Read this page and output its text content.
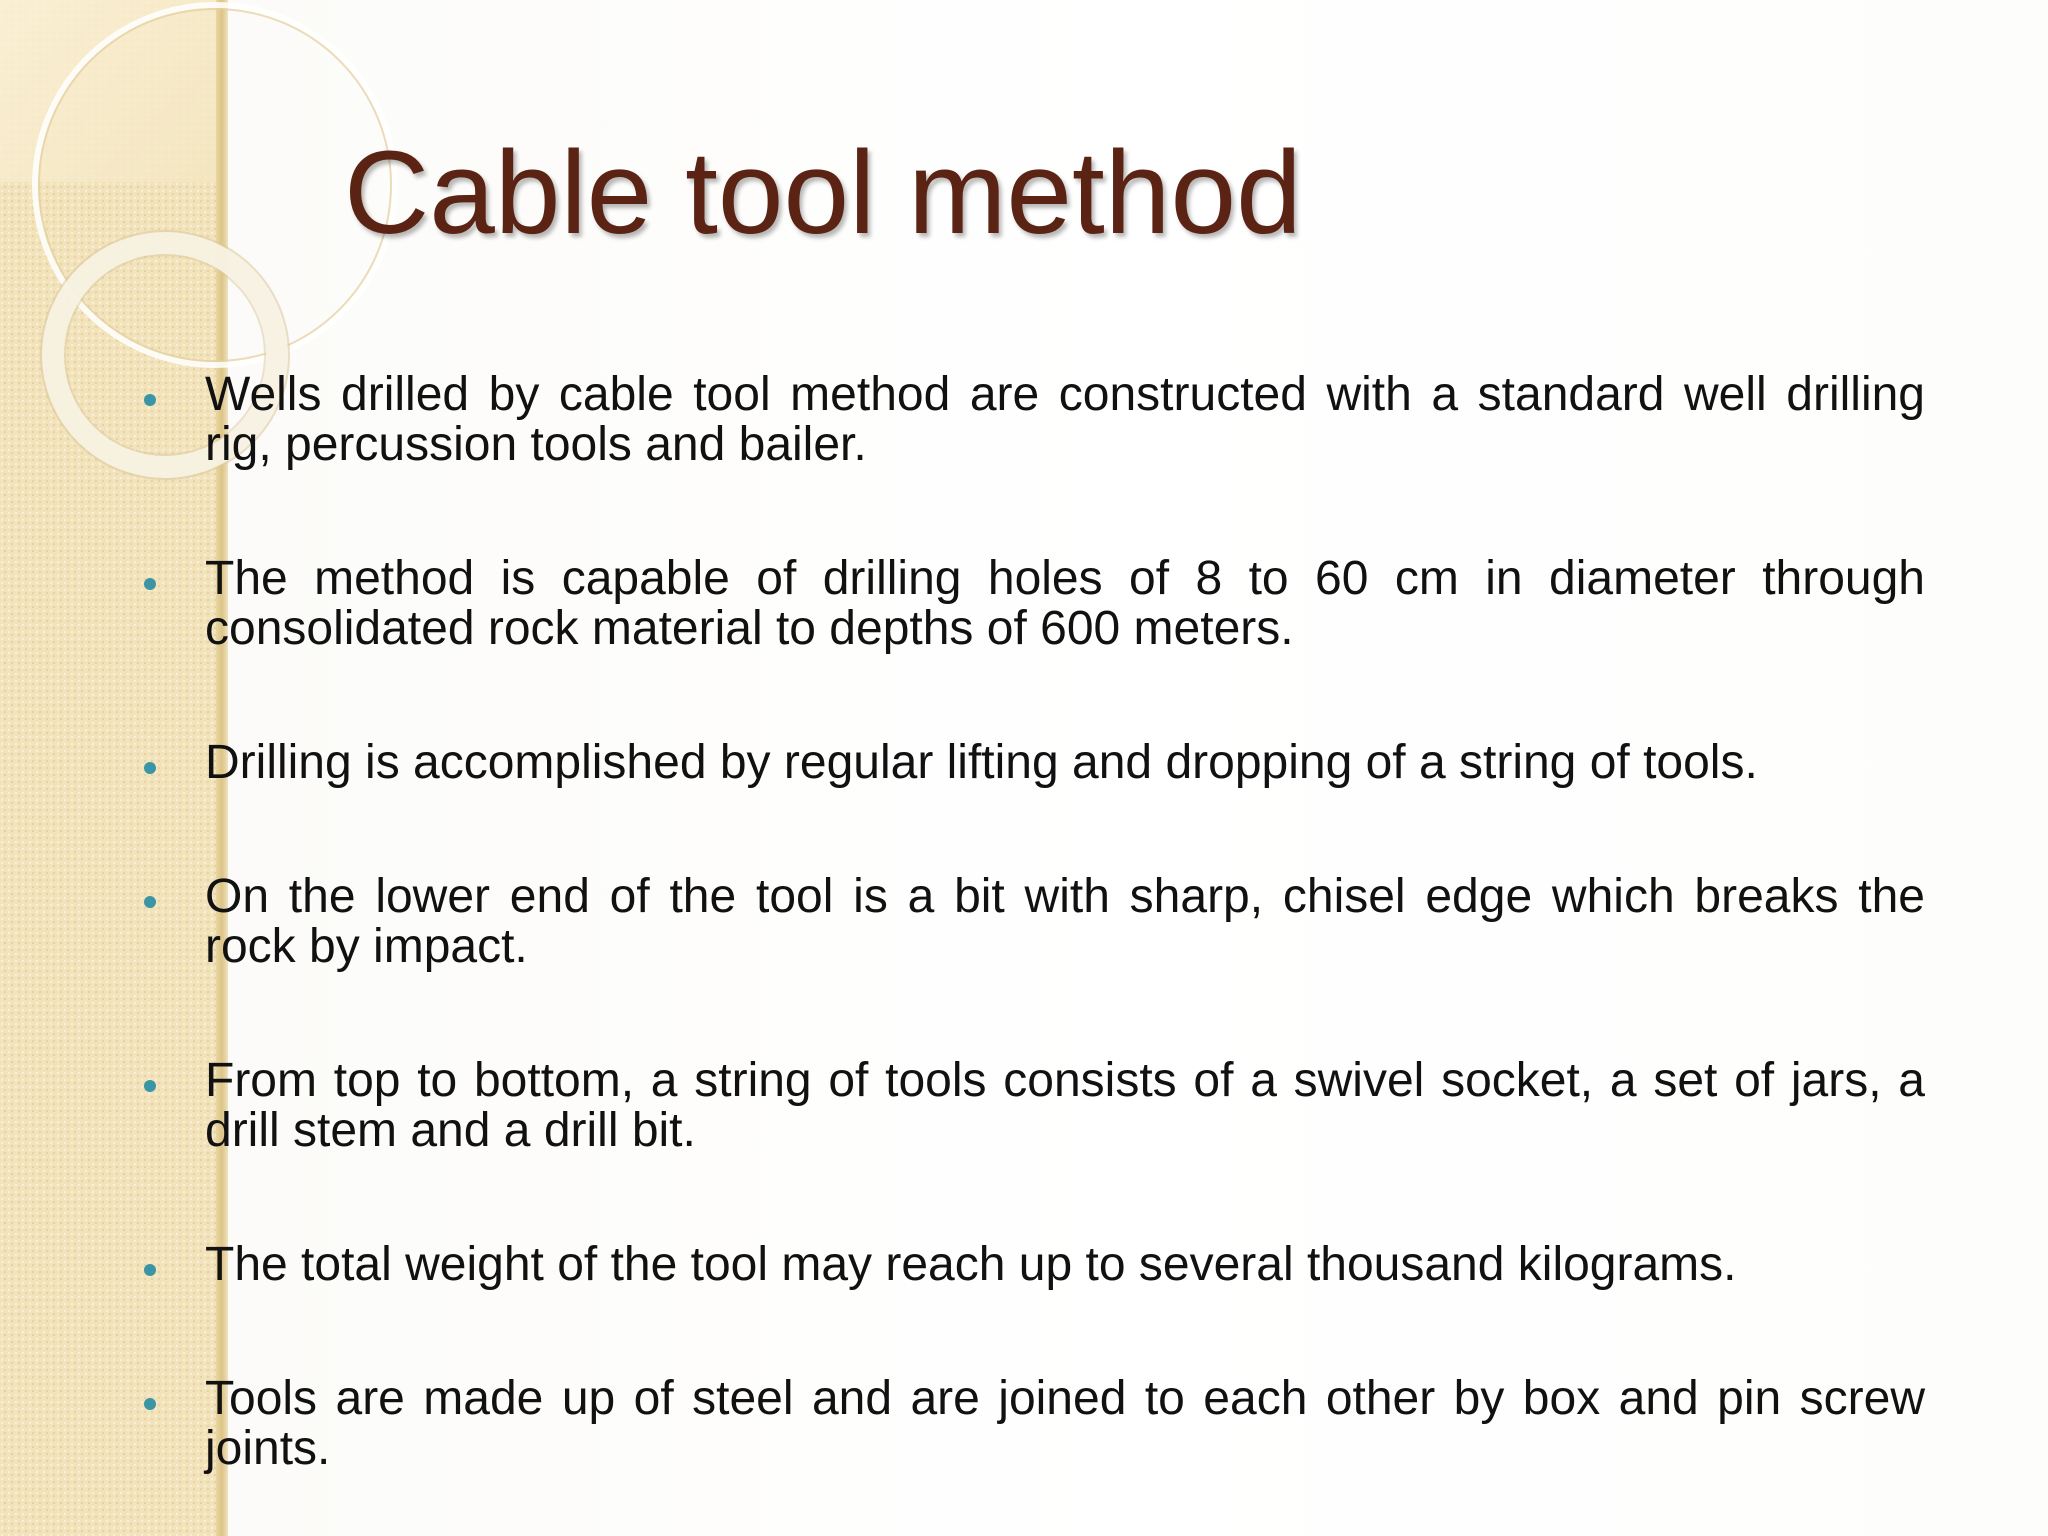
Cable tool method
Wells drilled by cable tool method are constructed with a standard well drilling rig, percussion tools and bailer.
The method is capable of drilling holes of 8 to 60 cm in diameter through consolidated rock material to depths of 600 meters.
Drilling is accomplished by regular lifting and dropping of a string of tools.
On the lower end of the tool is a bit with sharp, chisel edge which breaks the rock by impact.
From top to bottom, a string of tools consists of a swivel socket, a set of jars, a drill stem and a drill bit.
The total weight of the tool may reach up to several thousand kilograms.
Tools are made up of steel and are joined to each other by box and pin screw joints.
